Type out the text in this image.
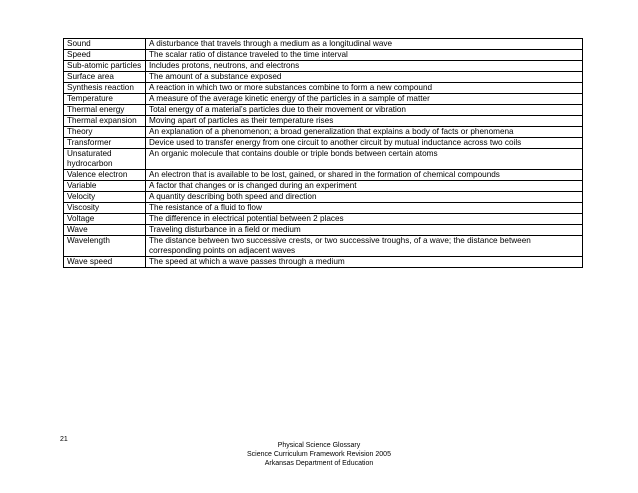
Sound	A disturbance that travels through a medium as a longitudinal wave
Speed	The scalar ratio of distance traveled to the time interval
Sub-atomic particles	Includes protons, neutrons, and electrons
Surface area	The amount of a substance exposed
Synthesis reaction	A reaction in which two or more substances combine to form a new compound
Temperature	A measure of the average kinetic energy of the particles in a sample of matter
Thermal energy	Total energy of a material’s particles due to their movement or vibration
Thermal expansion	Moving apart of particles as their temperature rises
Theory	An explanation of a phenomenon; a broad generalization that explains a body of facts or phenomena
Transformer	Device used to transfer energy from one circuit to another circuit by mutual inductance across two coils
Unsaturated hydrocarbon	An organic molecule that contains double or triple bonds between certain atoms
Valence electron	An electron that is available to be lost, gained, or shared in the formation of chemical compounds
Variable	A factor that changes or is changed during an experiment
Velocity	A quantity describing both speed and direction
Viscosity	The resistance of a fluid to flow
Voltage	The difference in electrical potential between 2 places
Wave	Traveling disturbance in a field or medium
Wavelength	The distance between two successive crests, or two successive troughs, of a wave; the distance between corresponding points on adjacent waves
Wave speed	The speed at which a wave passes through a medium
21
Physical Science Glossary
Science Curriculum Framework Revision 2005
Arkansas Department of Education
